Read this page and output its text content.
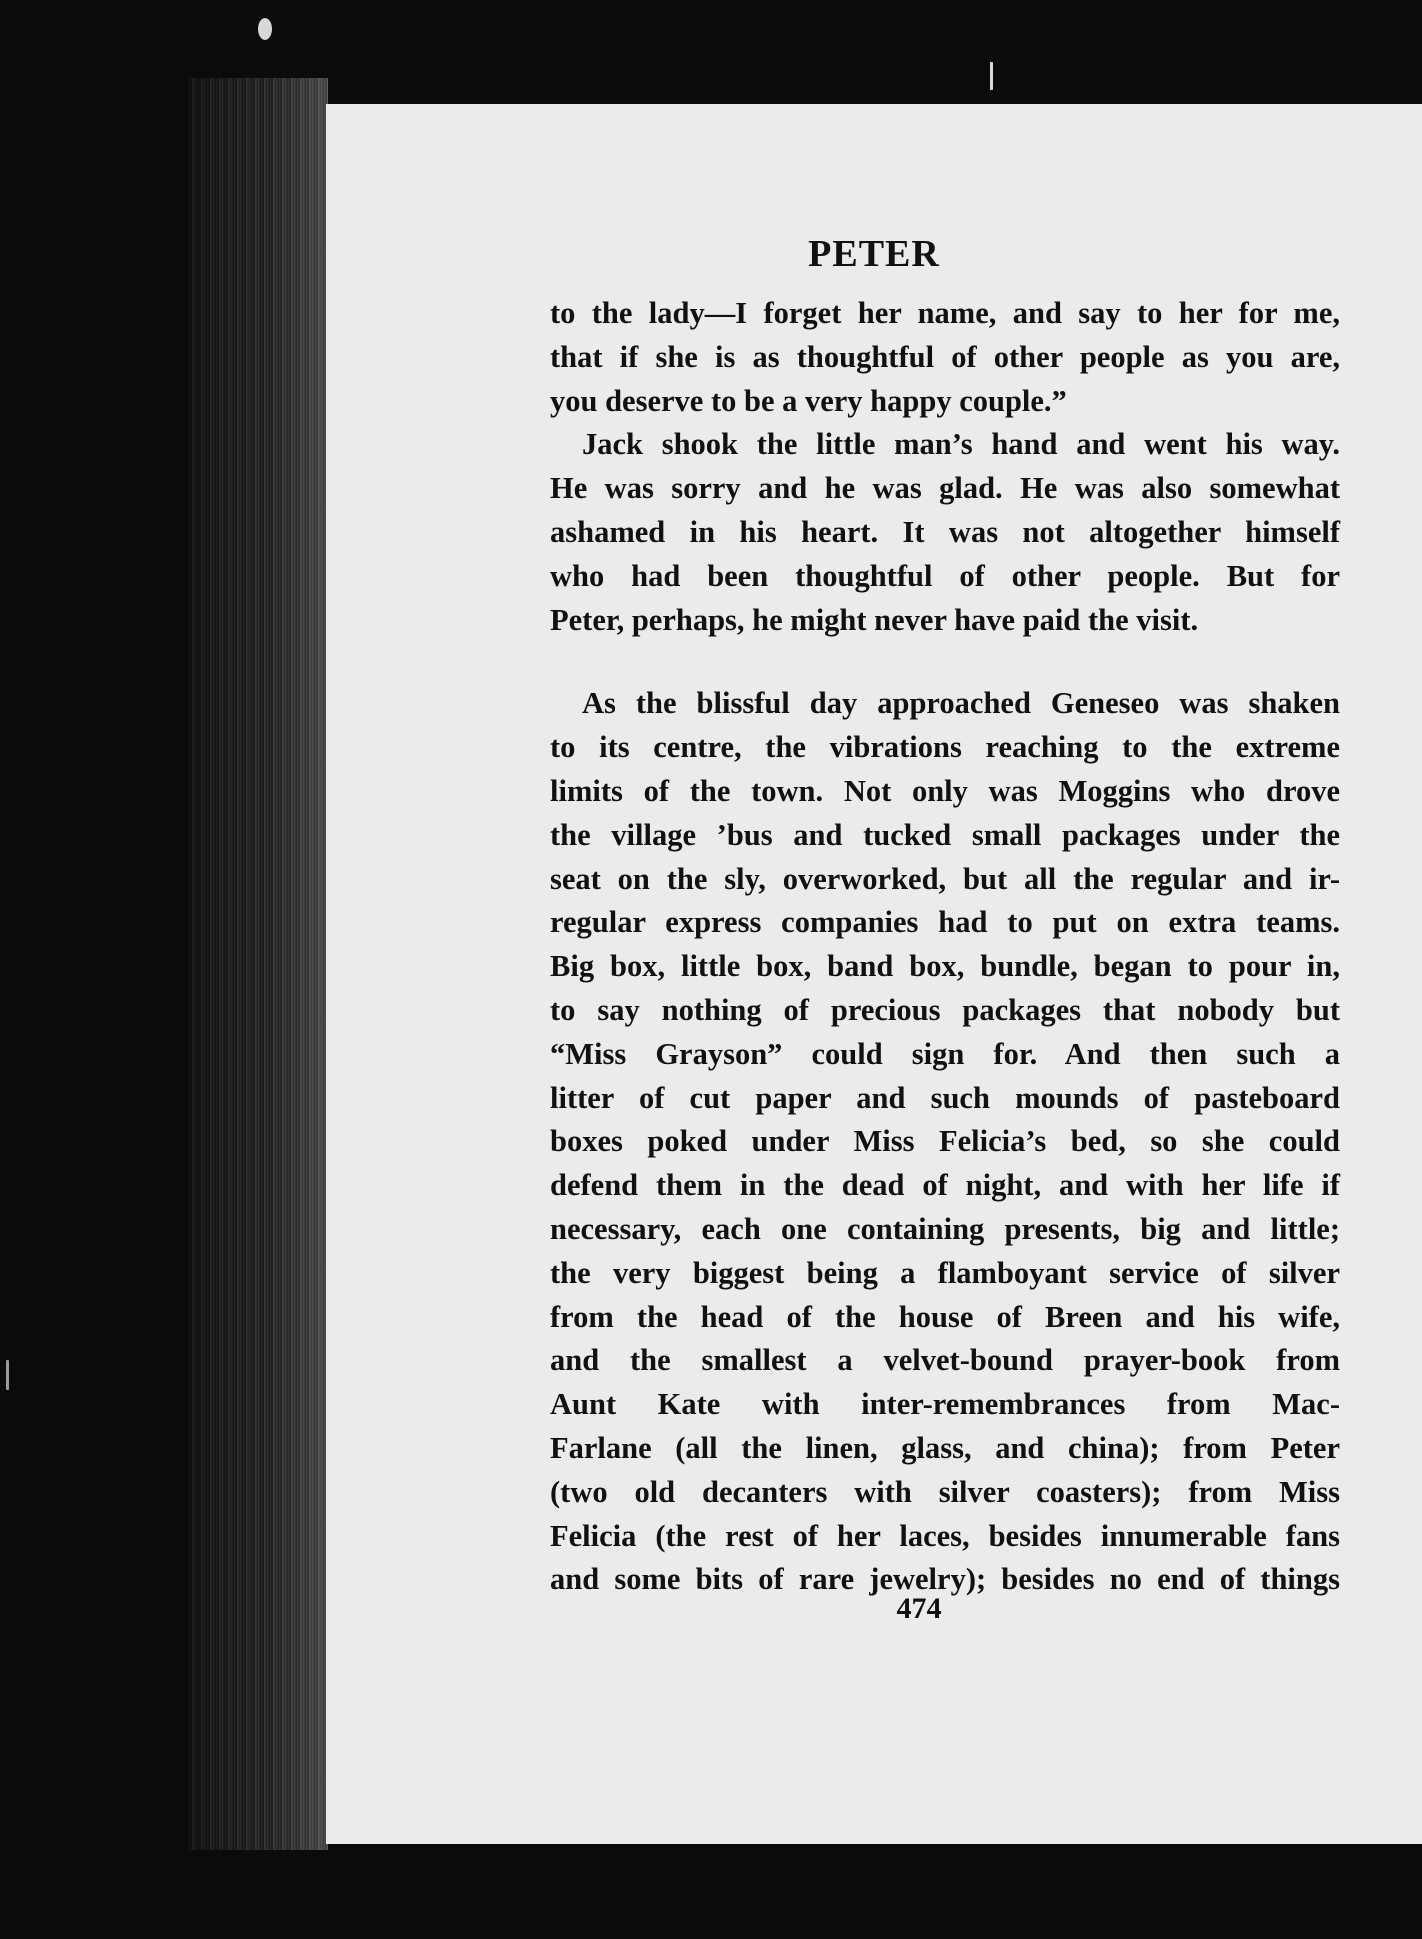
PETER
to the lady—I forget her name, and say to her for me,
that if she is as thoughtful of other people as you are,
you deserve to be a very happy couple.”
Jack shook the little man’s hand and went his way.
He was sorry and he was glad. He was also somewhat
ashamed in his heart. It was not altogether himself
who had been thoughtful of other people. But for
Peter, perhaps, he might never have paid the visit.
As the blissful day approached Geneseo was shaken
to its centre, the vibrations reaching to the extreme
limits of the town. Not only was Moggins who drove
the village ’bus and tucked small packages under the
seat on the sly, overworked, but all the regular and ir-
regular express companies had to put on extra teams.
Big box, little box, band box, bundle, began to pour in,
to say nothing of precious packages that nobody but
“Miss Grayson” could sign for. And then such a
litter of cut paper and such mounds of pasteboard
boxes poked under Miss Felicia’s bed, so she could
defend them in the dead of night, and with her life if
necessary, each one containing presents, big and little;
the very biggest being a flamboyant service of silver
from the head of the house of Breen and his wife,
and the smallest a velvet-bound prayer-book from
Aunt Kate with inter-remembrances from Mac-
Farlane (all the linen, glass, and china); from Peter
(two old decanters with silver coasters); from Miss
Felicia (the rest of her laces, besides innumerable fans
and some bits of rare jewelry); besides no end of things
474
